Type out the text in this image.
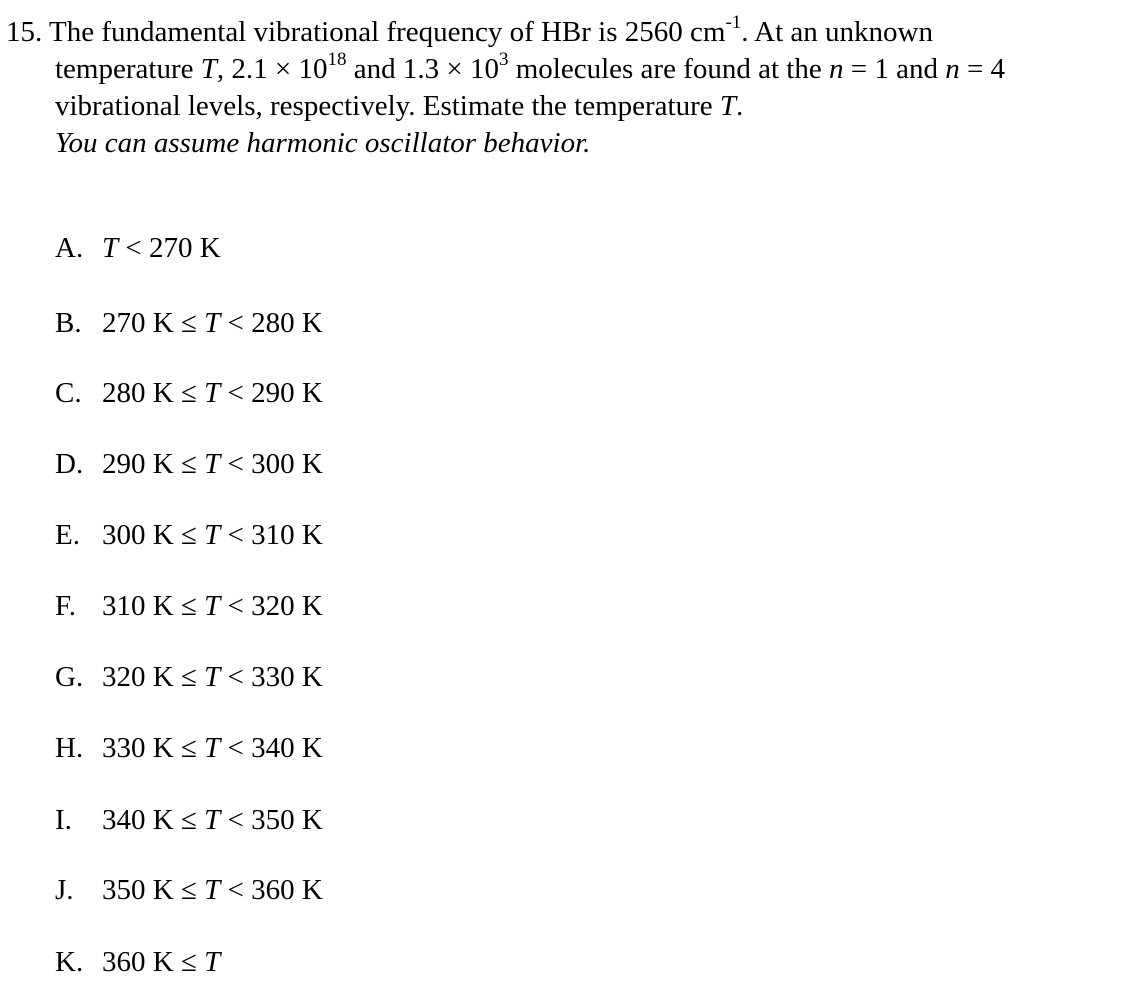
15. The fundamental vibrational frequency of HBr is 2560 $cm^{-1}$. At an unknown
temperature T, $2.1 \times 10^{18}$ and $1.3 \times 10^3$ molecules are found at the n = 1 and n = 4
vibrational levels, respectively. Estimate the temperature T.
You can assume harmonic oscillator behavior.
A. T < 270 K
B. 270 K ≤ T < 280 K
C. 280 K ≤ T < 290 K
D. 290 K ≤ T < 300 K
E. 300 K ≤ T < 310 K
F. 310 K ≤ T < 320 K
G. 320 K ≤ T < 330 K
H. 330 K ≤ T < 340 K
I. 340 K ≤ T < 350 K
J. 350 K ≤ T < 360 K
K. 360 K ≤ T
